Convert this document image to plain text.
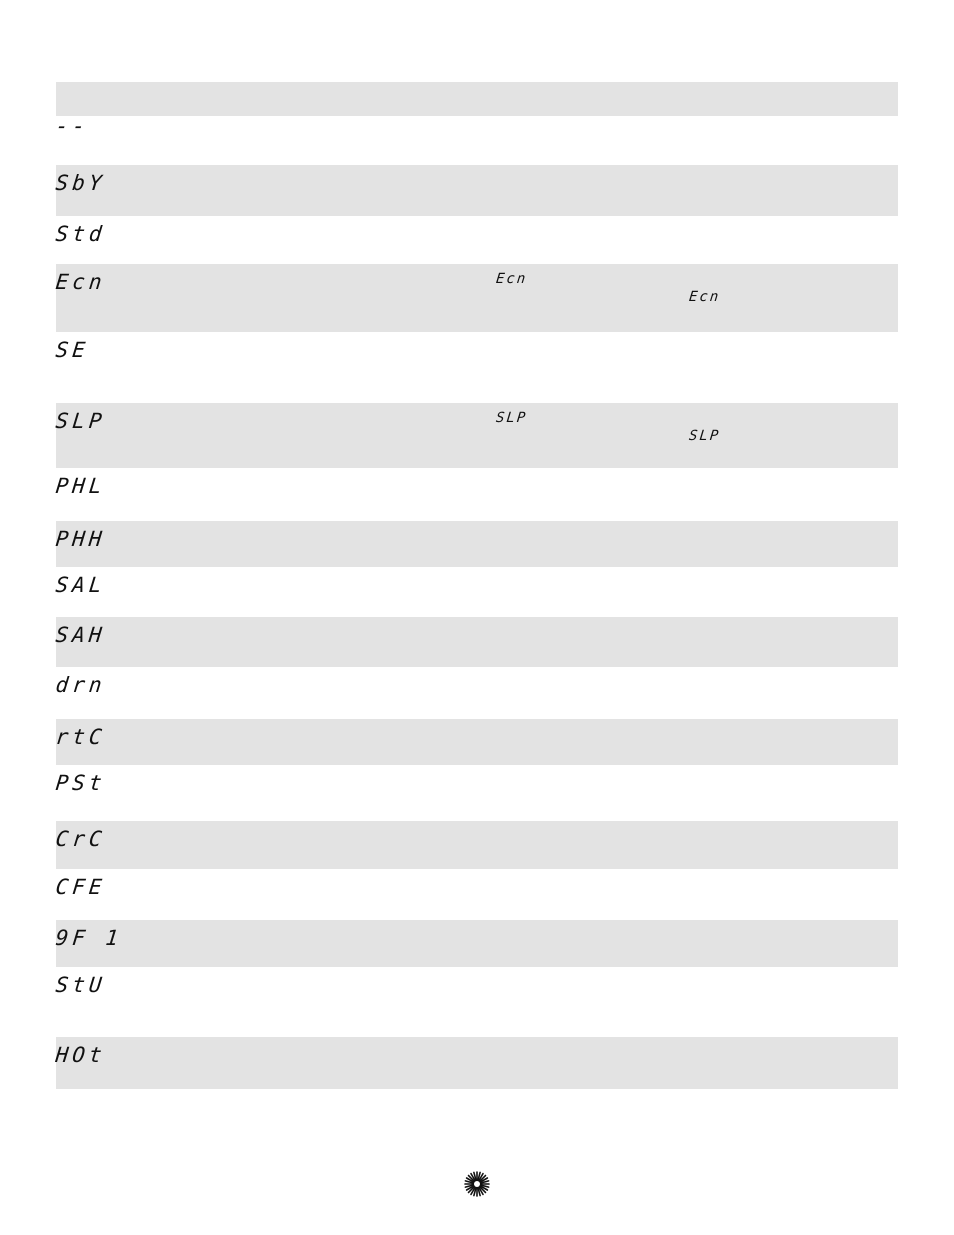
--
SbY
Std
Ecn	Ecn
Ecn
SE
SLP	SLP
SLP
PHL
PHH
SAL
SAH
drn
rtC
PSt
CrC
CFE
9F 1
StU
HOt
